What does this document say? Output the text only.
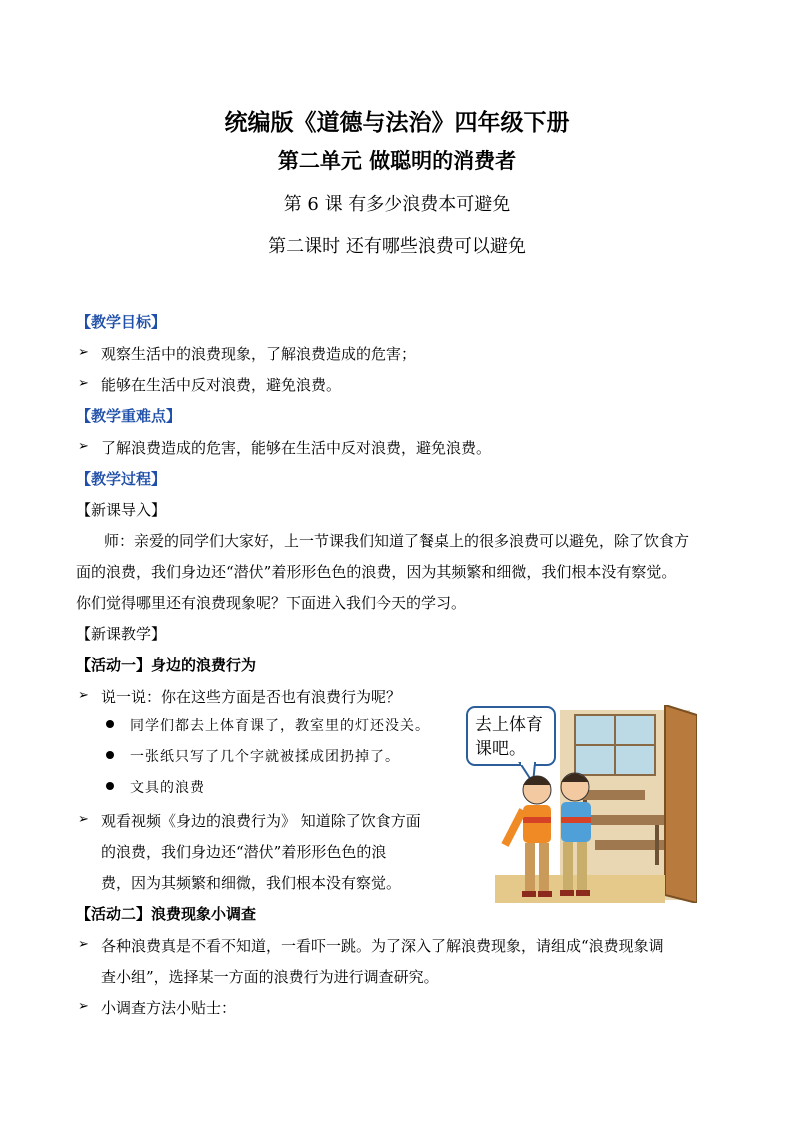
统编版《道德与法治》四年级下册
第二单元 做聪明的消费者
第 6 课 有多少浪费本可避免
第二课时 还有哪些浪费可以避免
【教学目标】
➢ 观察生活中的浪费现象，了解浪费造成的危害；
➢ 能够在生活中反对浪费，避免浪费。
【教学重难点】
➢ 了解浪费造成的危害，能够在生活中反对浪费，避免浪费。
【教学过程】
【新课导入】
师：亲爱的同学们大家好，上一节课我们知道了餐桌上的很多浪费可以避免，除了饮食方
面的浪费，我们身边还“潜伏”着形形色色的浪费，因为其频繁和细微，我们根本没有察觉。
你们觉得哪里还有浪费现象呢？下面进入我们今天的学习。
【新课教学】
【活动一】身边的浪费行为
➢ 说一说：你在这些方面是否也有浪费行为呢？
同学们都去上体育课了，教室里的灯还没关。
一张纸只写了几个字就被揉成团扔掉了。
文具的浪费
➢ 观看视频《身边的浪费行为》 知道除了饮食方面
的浪费，我们身边还“潜伏”着形形色色的浪
费，因为其频繁和细微，我们根本没有察觉。
去上体育
课吧。
【活动二】浪费现象小调查
➢ 各种浪费真是不看不知道，一看吓一跳。为了深入了解浪费现象，请组成“浪费现象调
查小组”，选择某一方面的浪费行为进行调查研究。
➢ 小调查方法小贴士：
